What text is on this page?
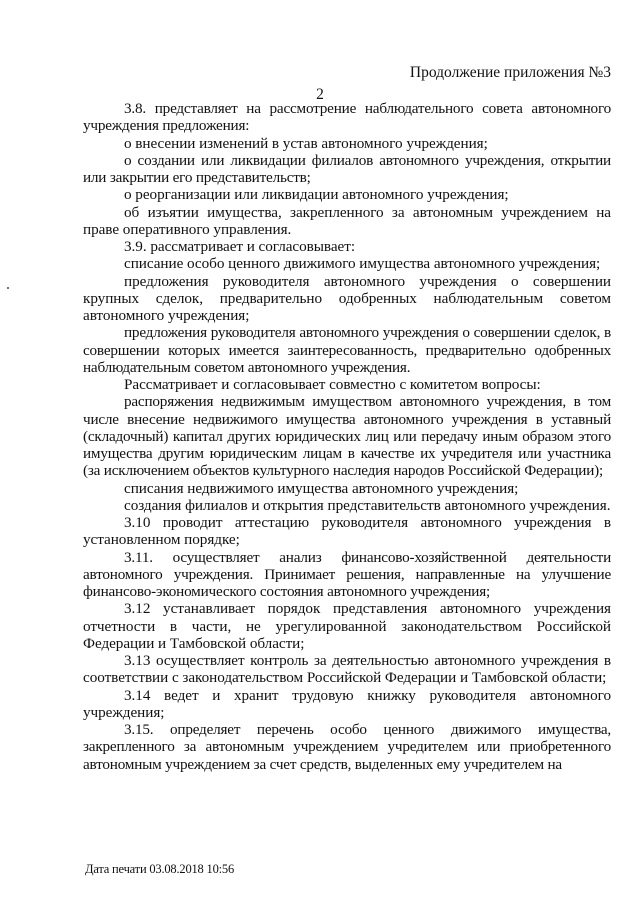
Продолжение приложения №3
2

3.8. представляет на рассмотрение наблюдательного совета автономного учреждения предложения:

о внесении изменений в устав автономного учреждения;

о создании или ликвидации филиалов автономного учреждения, открытии или закрытии его представительств;

о реорганизации или ликвидации автономного учреждения;

об изъятии имущества, закрепленного за автономным учреждением на праве оперативного управления.

3.9. рассматривает и согласовывает:

списание особо ценного движимого имущества автономного учреждения;

предложения руководителя автономного учреждения о совершении крупных сделок, предварительно одобренных наблюдательным советом автономного учреждения;

предложения руководителя автономного учреждения о совершении сделок, в совершении которых имеется заинтересованность, предварительно одобренных наблюдательным советом автономного учреждения.

Рассматривает и согласовывает совместно с комитетом вопросы:

распоряжения недвижимым имуществом автономного учреждения, в том числе внесение недвижимого имущества автономного учреждения в уставный (складочный) капитал других юридических лиц или передачу иным образом этого имущества другим юридическим лицам в качестве их учредителя или участника (за исключением объектов культурного наследия народов Российской Федерации);

списания недвижимого имущества автономного учреждения;

создания филиалов и открытия представительств автономного учреждения.

3.10 проводит аттестацию руководителя автономного учреждения в установленном порядке;

3.11. осуществляет анализ финансово-хозяйственной деятельности автономного учреждения. Принимает решения, направленные на улучшение финансово-экономического состояния автономного учреждения;

3.12 устанавливает порядок представления автономного учреждения отчетности в части, не урегулированной законодательством Российской Федерации и Тамбовской области;

3.13 осуществляет контроль за деятельностью автономного учреждения в соответствии с законодательством Российской Федерации и Тамбовской области;

3.14 ведет и хранит трудовую книжку руководителя автономного учреждения;

3.15. определяет перечень особо ценного движимого имущества, закрепленного за автономным учреждением учредителем или приобретенного автономным учреждением за счет средств, выделенных ему учредителем на

Дата печати 03.08.2018 10:56
